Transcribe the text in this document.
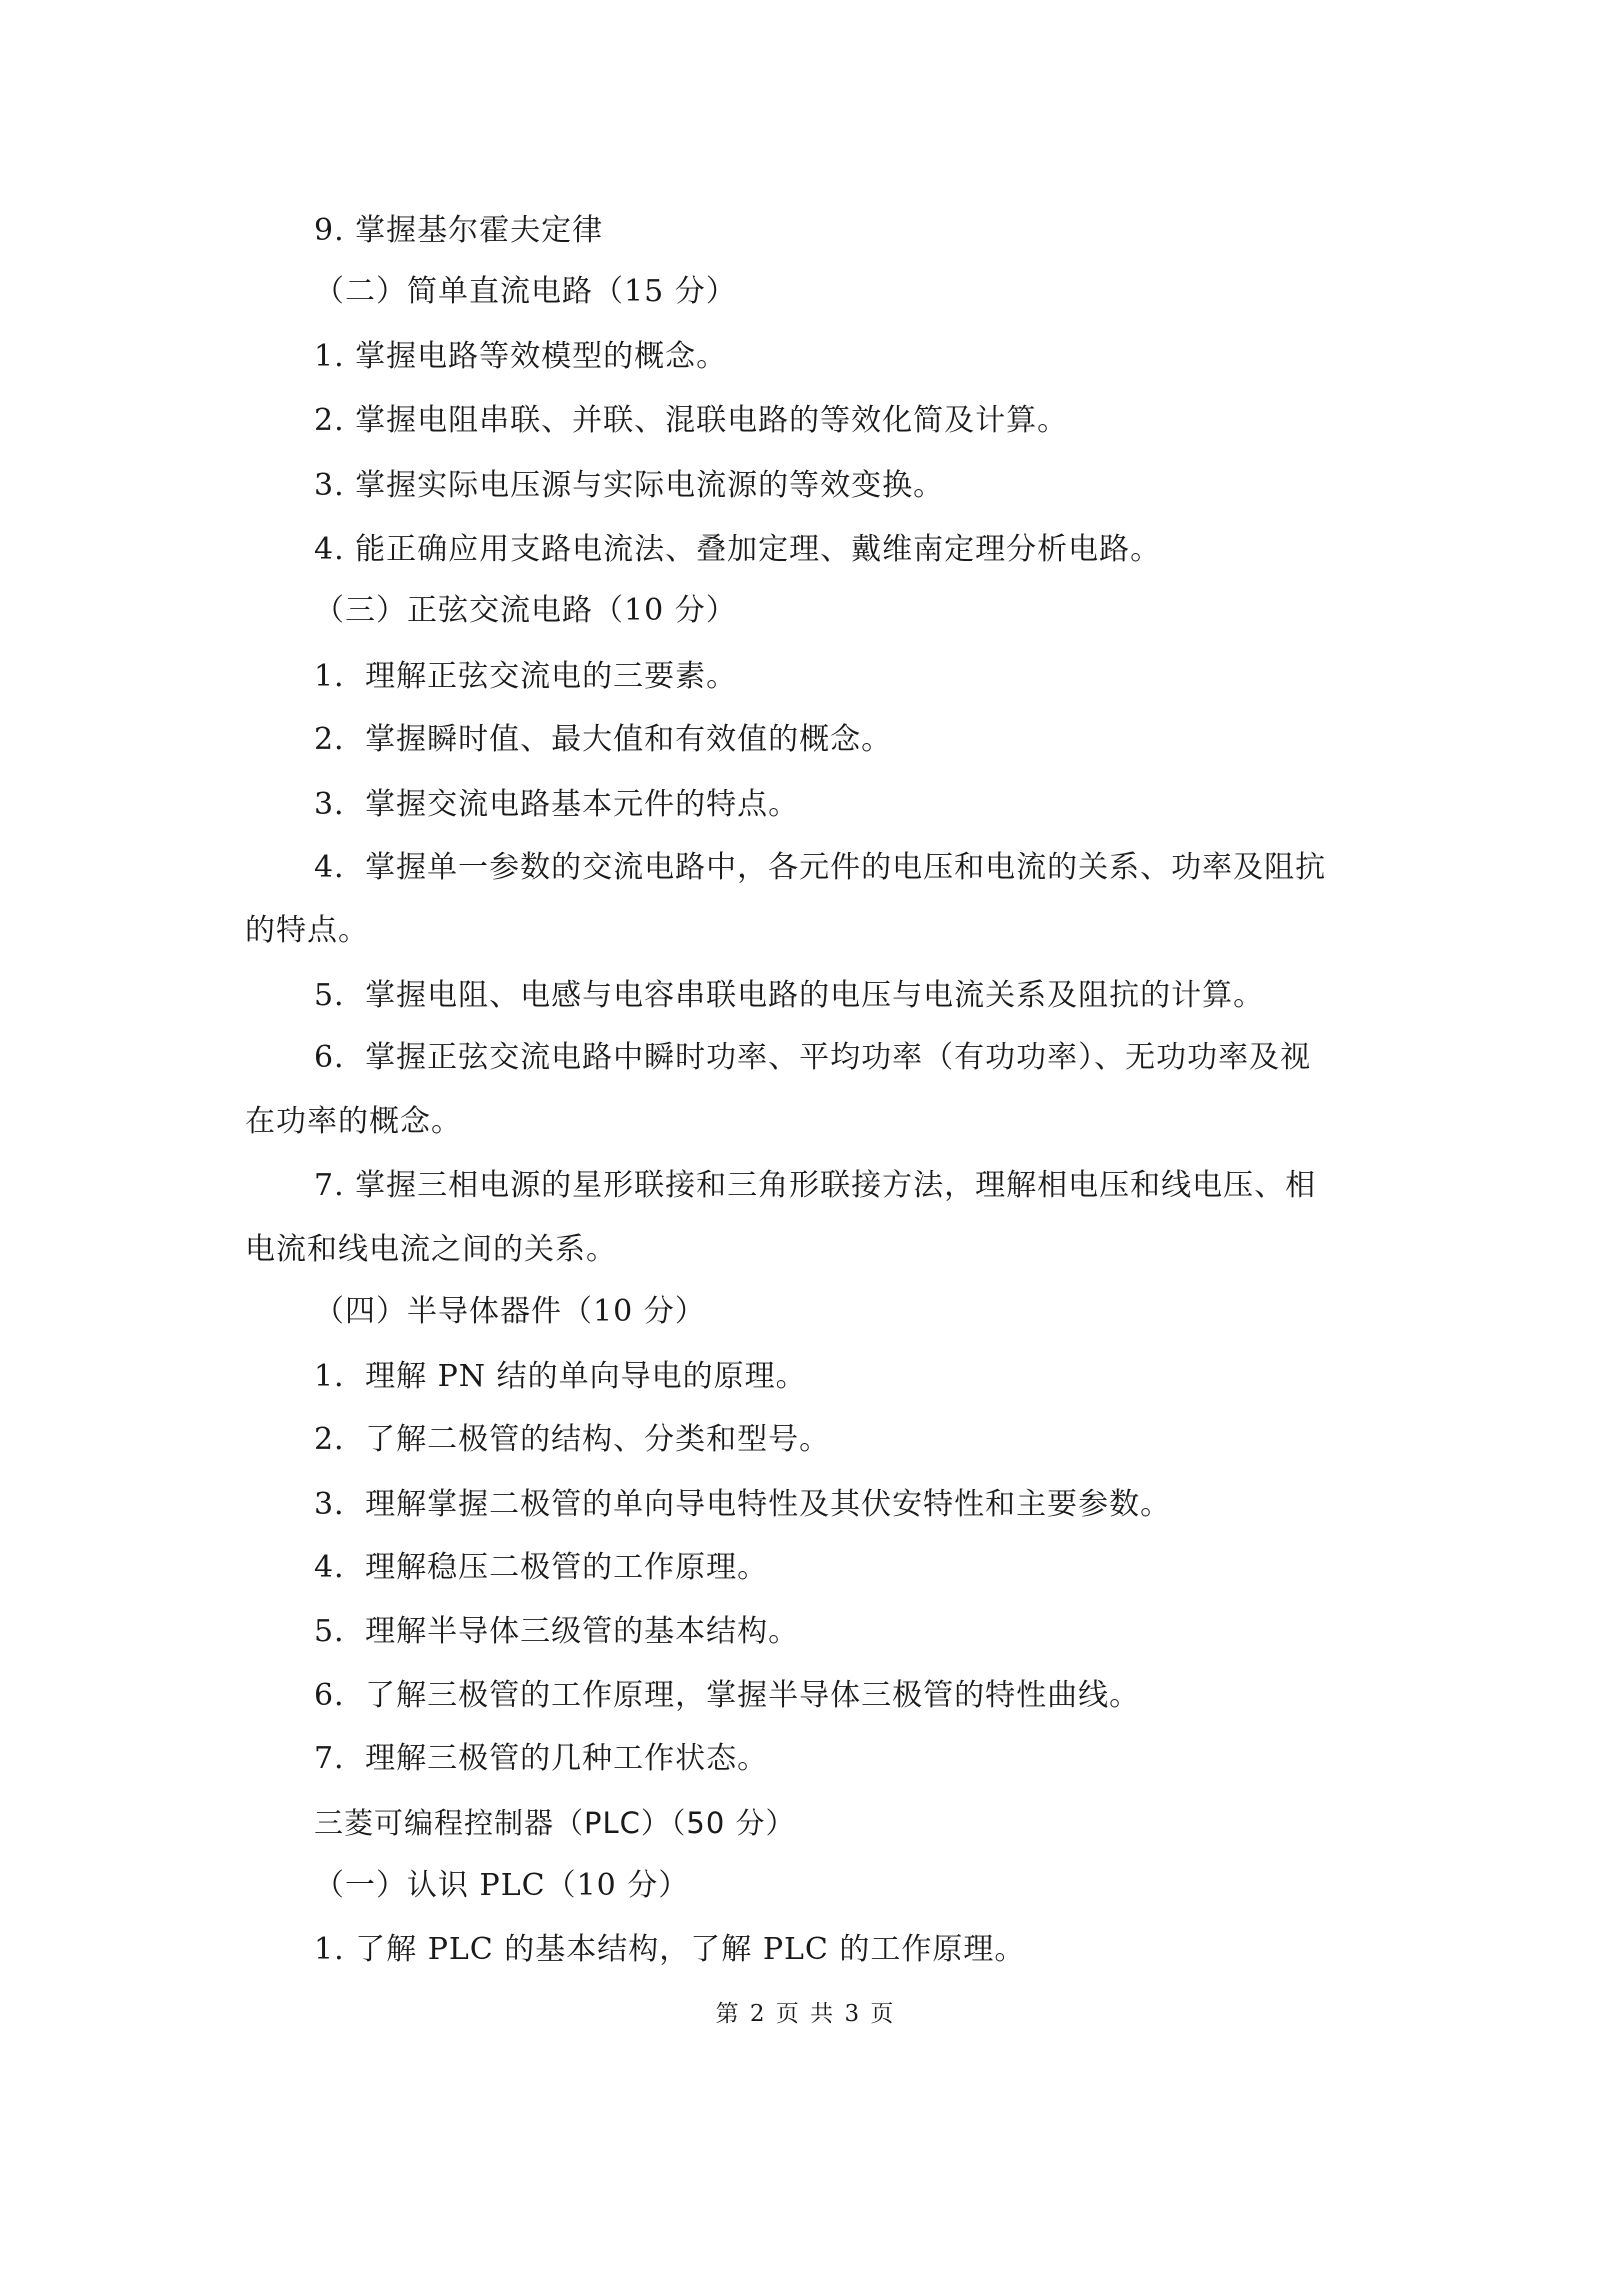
9. 掌握基尔霍夫定律

（二）简单直流电路（15 分）

1. 掌握电路等效模型的概念。

2. 掌握电阻串联、并联、混联电路的等效化简及计算。

3. 掌握实际电压源与实际电流源的等效变换。

4. 能正确应用支路电流法、叠加定理、戴维南定理分析电路。

（三）正弦交流电路（10 分）

1．理解正弦交流电的三要素。

2．掌握瞬时值、最大值和有效值的概念。

3．掌握交流电路基本元件的特点。

4．掌握单一参数的交流电路中，各元件的电压和电流的关系、功率及阻抗

的特点。

5．掌握电阻、电感与电容串联电路的电压与电流关系及阻抗的计算。

6．掌握正弦交流电路中瞬时功率、平均功率（有功功率）、无功功率及视

在功率的概念。

7. 掌握三相电源的星形联接和三角形联接方法，理解相电压和线电压、相

电流和线电流之间的关系。

（四）半导体器件（10 分）

1．理解 PN 结的单向导电的原理。

2．了解二极管的结构、分类和型号。

3．理解掌握二极管的单向导电特性及其伏安特性和主要参数。

4．理解稳压二极管的工作原理。

5．理解半导体三级管的基本结构。

6．了解三极管的工作原理，掌握半导体三极管的特性曲线。

7．理解三极管的几种工作状态。

三菱可编程控制器（PLC）（50 分）

（一）认识 PLC（10 分）

1. 了解 PLC 的基本结构，了解 PLC 的工作原理。

第 2 页 共 3 页
